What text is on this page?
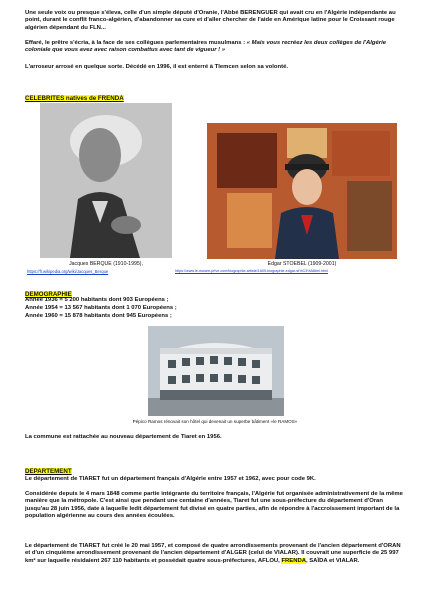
Une seule voix ou presque s'éleva, celle d'un simple député d'Oranie, l'Abbé BERENGUER qui avait cru en l'Algérie indépendante au point, durant le conflit franco-algérien, d'abandonner sa cure et d'aller chercher de l'aide en Amérique latine pour le Croissant rouge algérien dépendant du FLN...

Effaré, le prêtre s'écria, à la face de ses collègues parlementaires musulmans : « Mais vous recréez les deux collèges de l'Algérie coloniale que vous avez avec raison combattus avec tant de vigueur ! »

L'arroseur arrosé en quelque sorte. Décédé en 1996, il est enterré à Tlemcen selon sa volonté.

CELEBRITES natives de FRENDA
Jacques BERQUE (1910-1995),
https://fr.wikipedia.org/wiki/Jacques_Berque
Edgar STOEBEL (1909-2001)
https://www.le-musee-prive.com/biographie-artiste/1609-biographie-edgar-st%C3%A8bel.html
DEMOGRAPHIE

Année 1936 = 5 200 habitants dont 903 Européens ;

Année 1954 = 13 567 habitants dont 1 070 Européens ;

Année 1960 = 15 878 habitants dont 945 Européens ;

Pépico Ramos rénovait son hôtel qui devenait un superbe bâtiment «le RAMOS»

La commune est rattachée au nouveau département de Tiaret en 1956.

DEPARTEMENT

Le département de TIARET fut un département français d'Algérie entre 1957 et 1962, avec pour code 9K.

Considérée depuis le 4 mars 1848 comme partie intégrante du territoire français, l'Algérie fut organisée administrativement de la même manière que la métropole. C'est ainsi que pendant une centaine d'années, Tiaret fut une sous-préfecture du département d'Oran jusqu'au 28 juin 1956, date à laquelle ledit département fut divisé en quatre parties, afin de répondre à l'accroissement important de la population algérienne au cours des années écoulées.

Le département de TIARET fut créé le 20 mai 1957, et composé de quatre arrondissements provenant de l'ancien département d'ORAN et d'un cinquième arrondissement provenant de l'ancien département d'ALGER (celui de VIALAR). Il couvrait une superficie de 25 997 km² sur laquelle résidaient 267 110 habitants et possédait quatre sous-préfectures, AFLOU, FRENDA, SAÏDA et VIALAR.
